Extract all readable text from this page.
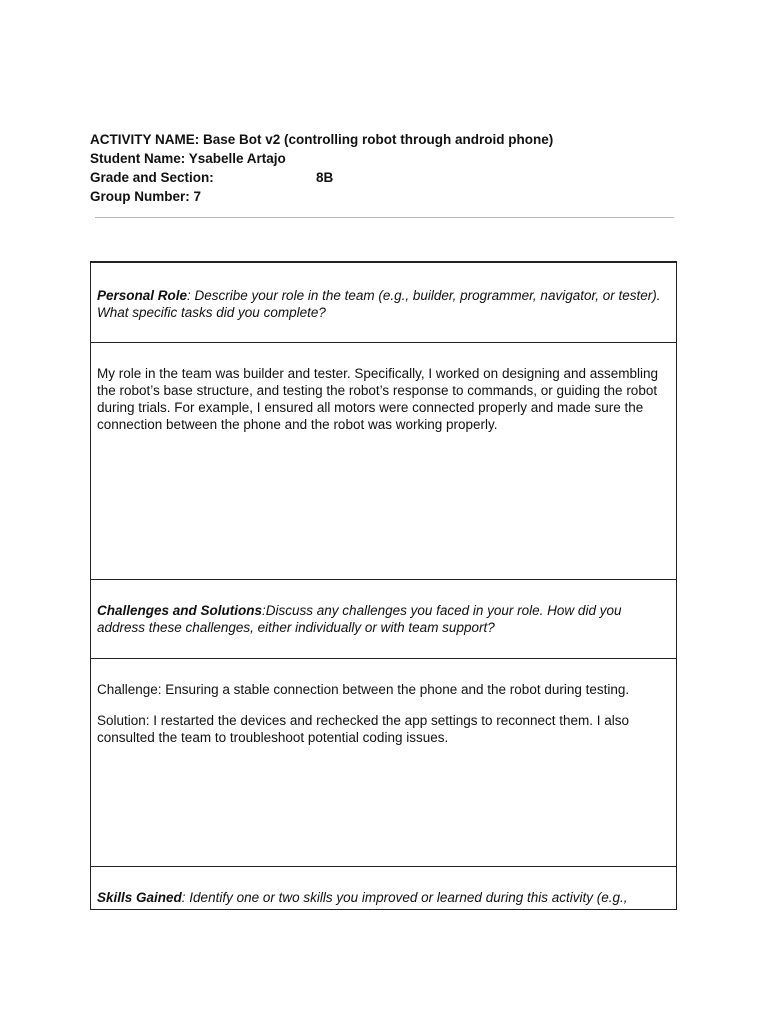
ACTIVITY NAME: Base Bot v2 (controlling robot through android phone)
Student Name: Ysabelle Artajo
Grade and Section:	8B
Group Number: 7
Personal Role: Describe your role in the team (e.g., builder, programmer, navigator, or tester). What specific tasks did you complete?

My role in the team was builder and tester. Specifically, I worked on designing and assembling the robot’s base structure, and testing the robot’s response to commands, or guiding the robot during trials. For example, I ensured all motors were connected properly and made sure the connection between the phone and the robot was working properly.

Challenges and Solutions:Discuss any challenges you faced in your role. How did you address these challenges, either individually or with team support?

Challenge: Ensuring a stable connection between the phone and the robot during testing.

Solution: I restarted the devices and rechecked the app settings to reconnect them. I also consulted the team to troubleshoot potential coding issues.

Skills Gained: Identify one or two skills you improved or learned during this activity (e.g.,
